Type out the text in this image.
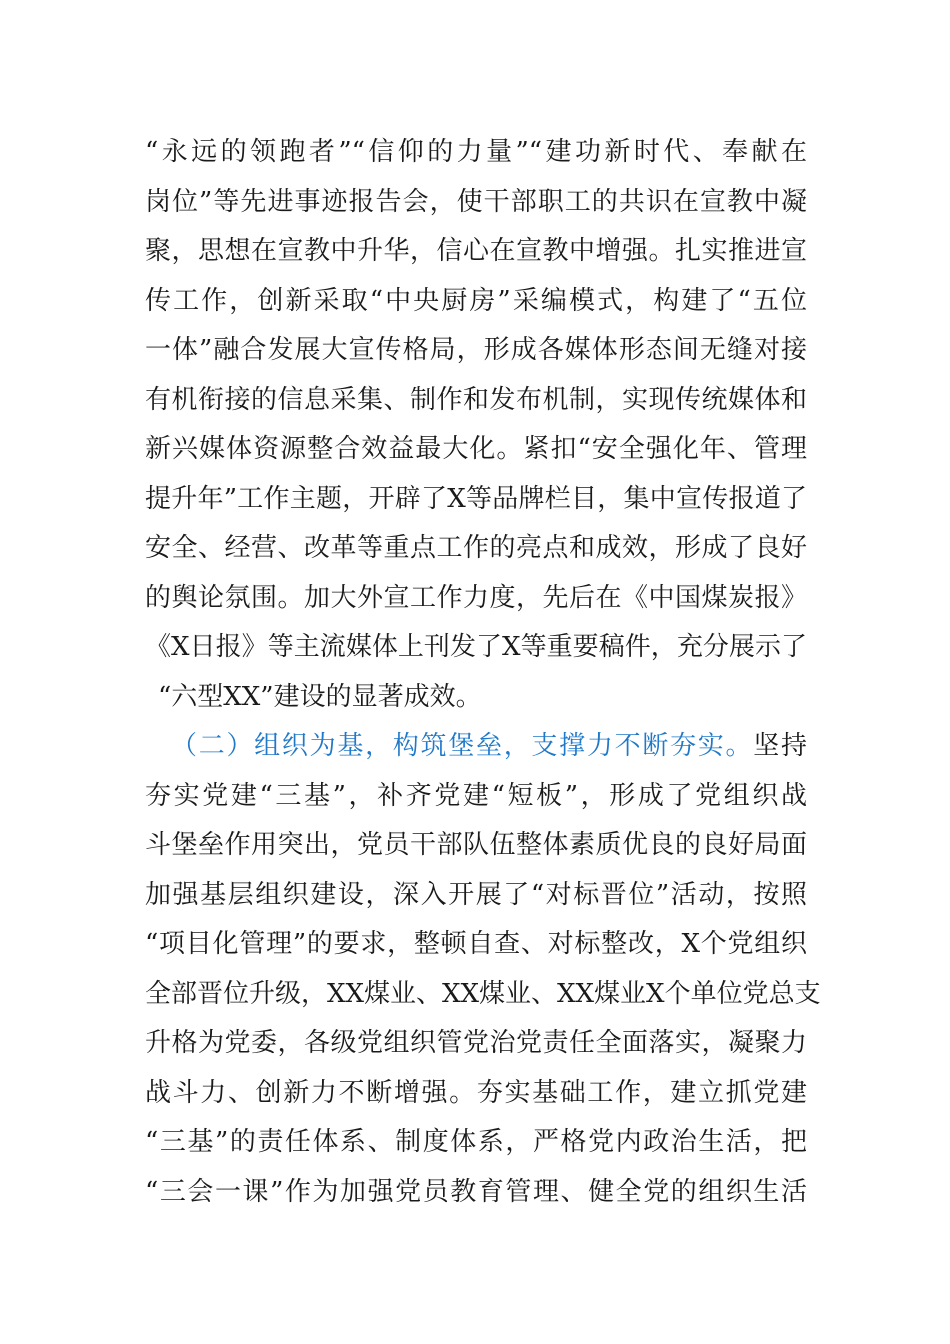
“永远的领跑者”“信仰的力量”“建功新时代、奉献在
岗位”等先进事迹报告会，使干部职工的共识在宣教中凝
聚，思想在宣教中升华，信心在宣教中增强。扎实推进宣
传工作，创新采取“中央厨房”采编模式，构建了“五位
一体”融合发展大宣传格局，形成各媒体形态间无缝对接
有机衔接的信息采集、制作和发布机制，实现传统媒体和
新兴媒体资源整合效益最大化。紧扣“安全强化年、管理
提升年”工作主题，开辟了X等品牌栏目，集中宣传报道了
安全、经营、改革等重点工作的亮点和成效，形成了良好
的舆论氛围。加大外宣工作力度，先后在《中国煤炭报》
《X日报》等主流媒体上刊发了X等重要稿件，充分展示了
“六型XX”建设的显著成效。
（二）组织为基，构筑堡垒，支撑力不断夯实。坚持
夯实党建“三基”，补齐党建“短板”，形成了党组织战
斗堡垒作用突出，党员干部队伍整体素质优良的良好局面
加强基层组织建设，深入开展了“对标晋位”活动，按照
“项目化管理”的要求，整顿自查、对标整改，X个党组织
全部晋位升级，XX煤业、XX煤业、XX煤业X个单位党总支
升格为党委，各级党组织管党治党责任全面落实，凝聚力
战斗力、创新力不断增强。夯实基础工作，建立抓党建
“三基”的责任体系、制度体系，严格党内政治生活，把
“三会一课”作为加强党员教育管理、健全党的组织生活
